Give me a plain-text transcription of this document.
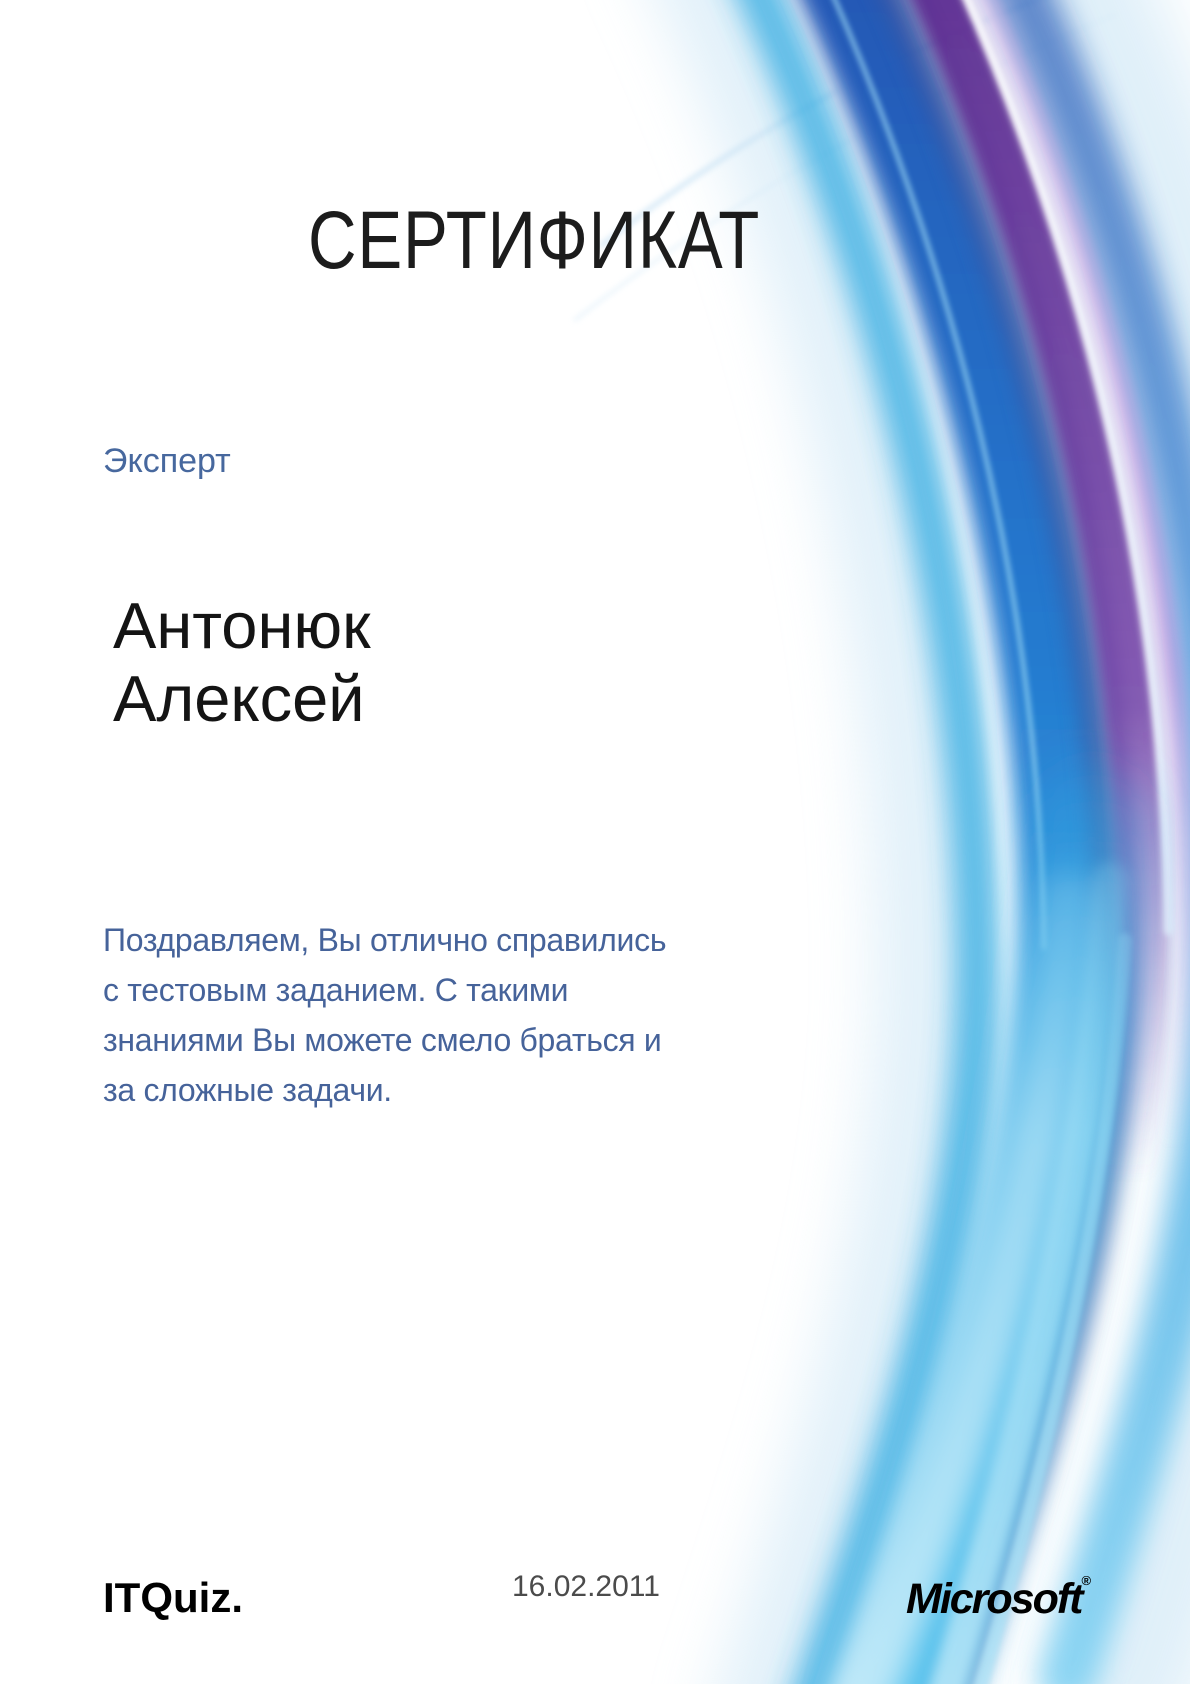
СЕРТИФИКАТ
Эксперт
Антонюк
Алексей
Поздравляем, Вы отлично справились
с тестовым заданием. С такими
знаниями Вы можете смело браться и
за сложные задачи.
ITQuiz.	16.02.2011	Microsoft®
